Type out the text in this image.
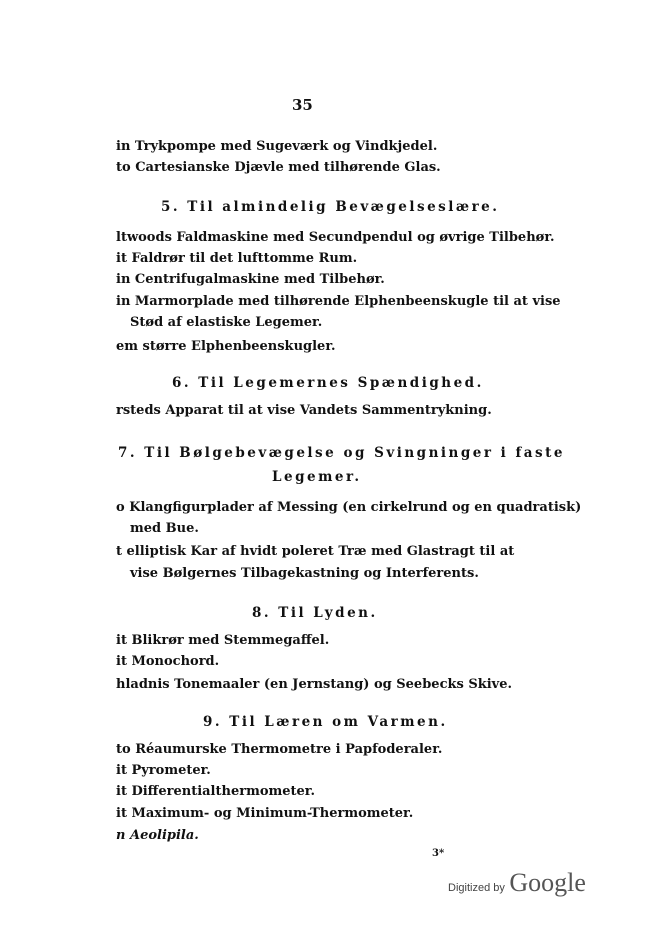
35
in Trykpompe med Sugeværk og Vindkjedel.
to Cartesianske Djævle med tilhørende Glas.
5. Til almindelig Bevægelseslære.
ltwoods Faldmaskine med Secundpendul og øvrige Tilbehør.
it Faldrør til det lufttomme Rum.
in Centrifugalmaskine med Tilbehør.
in Marmorplade med tilhørende Elphenbeenskugle til at vise
Stød af elastiske Legemer.
em større Elphenbeenskugler.
6. Til Legemernes Spændighed.
rsteds Apparat til at vise Vandets Sammentrykning.
7. Til Bølgebevægelse og Svingninger i faste
Legemer.
o Klangfigurplader af Messing (en cirkelrund og en quadratisk)
med Bue.
t elliptisk Kar af hvidt poleret Træ med Glastragt til at
vise Bølgernes Tilbagekastning og Interferents.
8. Til Lyden.
it Blikrør med Stemmegaffel.
it Monochord.
hladnis Tonemaaler (en Jernstang) og Seebecks Skive.
9. Til Læren om Varmen.
to Réaumurske Thermometre i Papfoderaler.
it Pyrometer.
it Differentialthermometer.
it Maximum- og Minimum-Thermometer.
n Aeolipila.
3*
Digitized by Google
